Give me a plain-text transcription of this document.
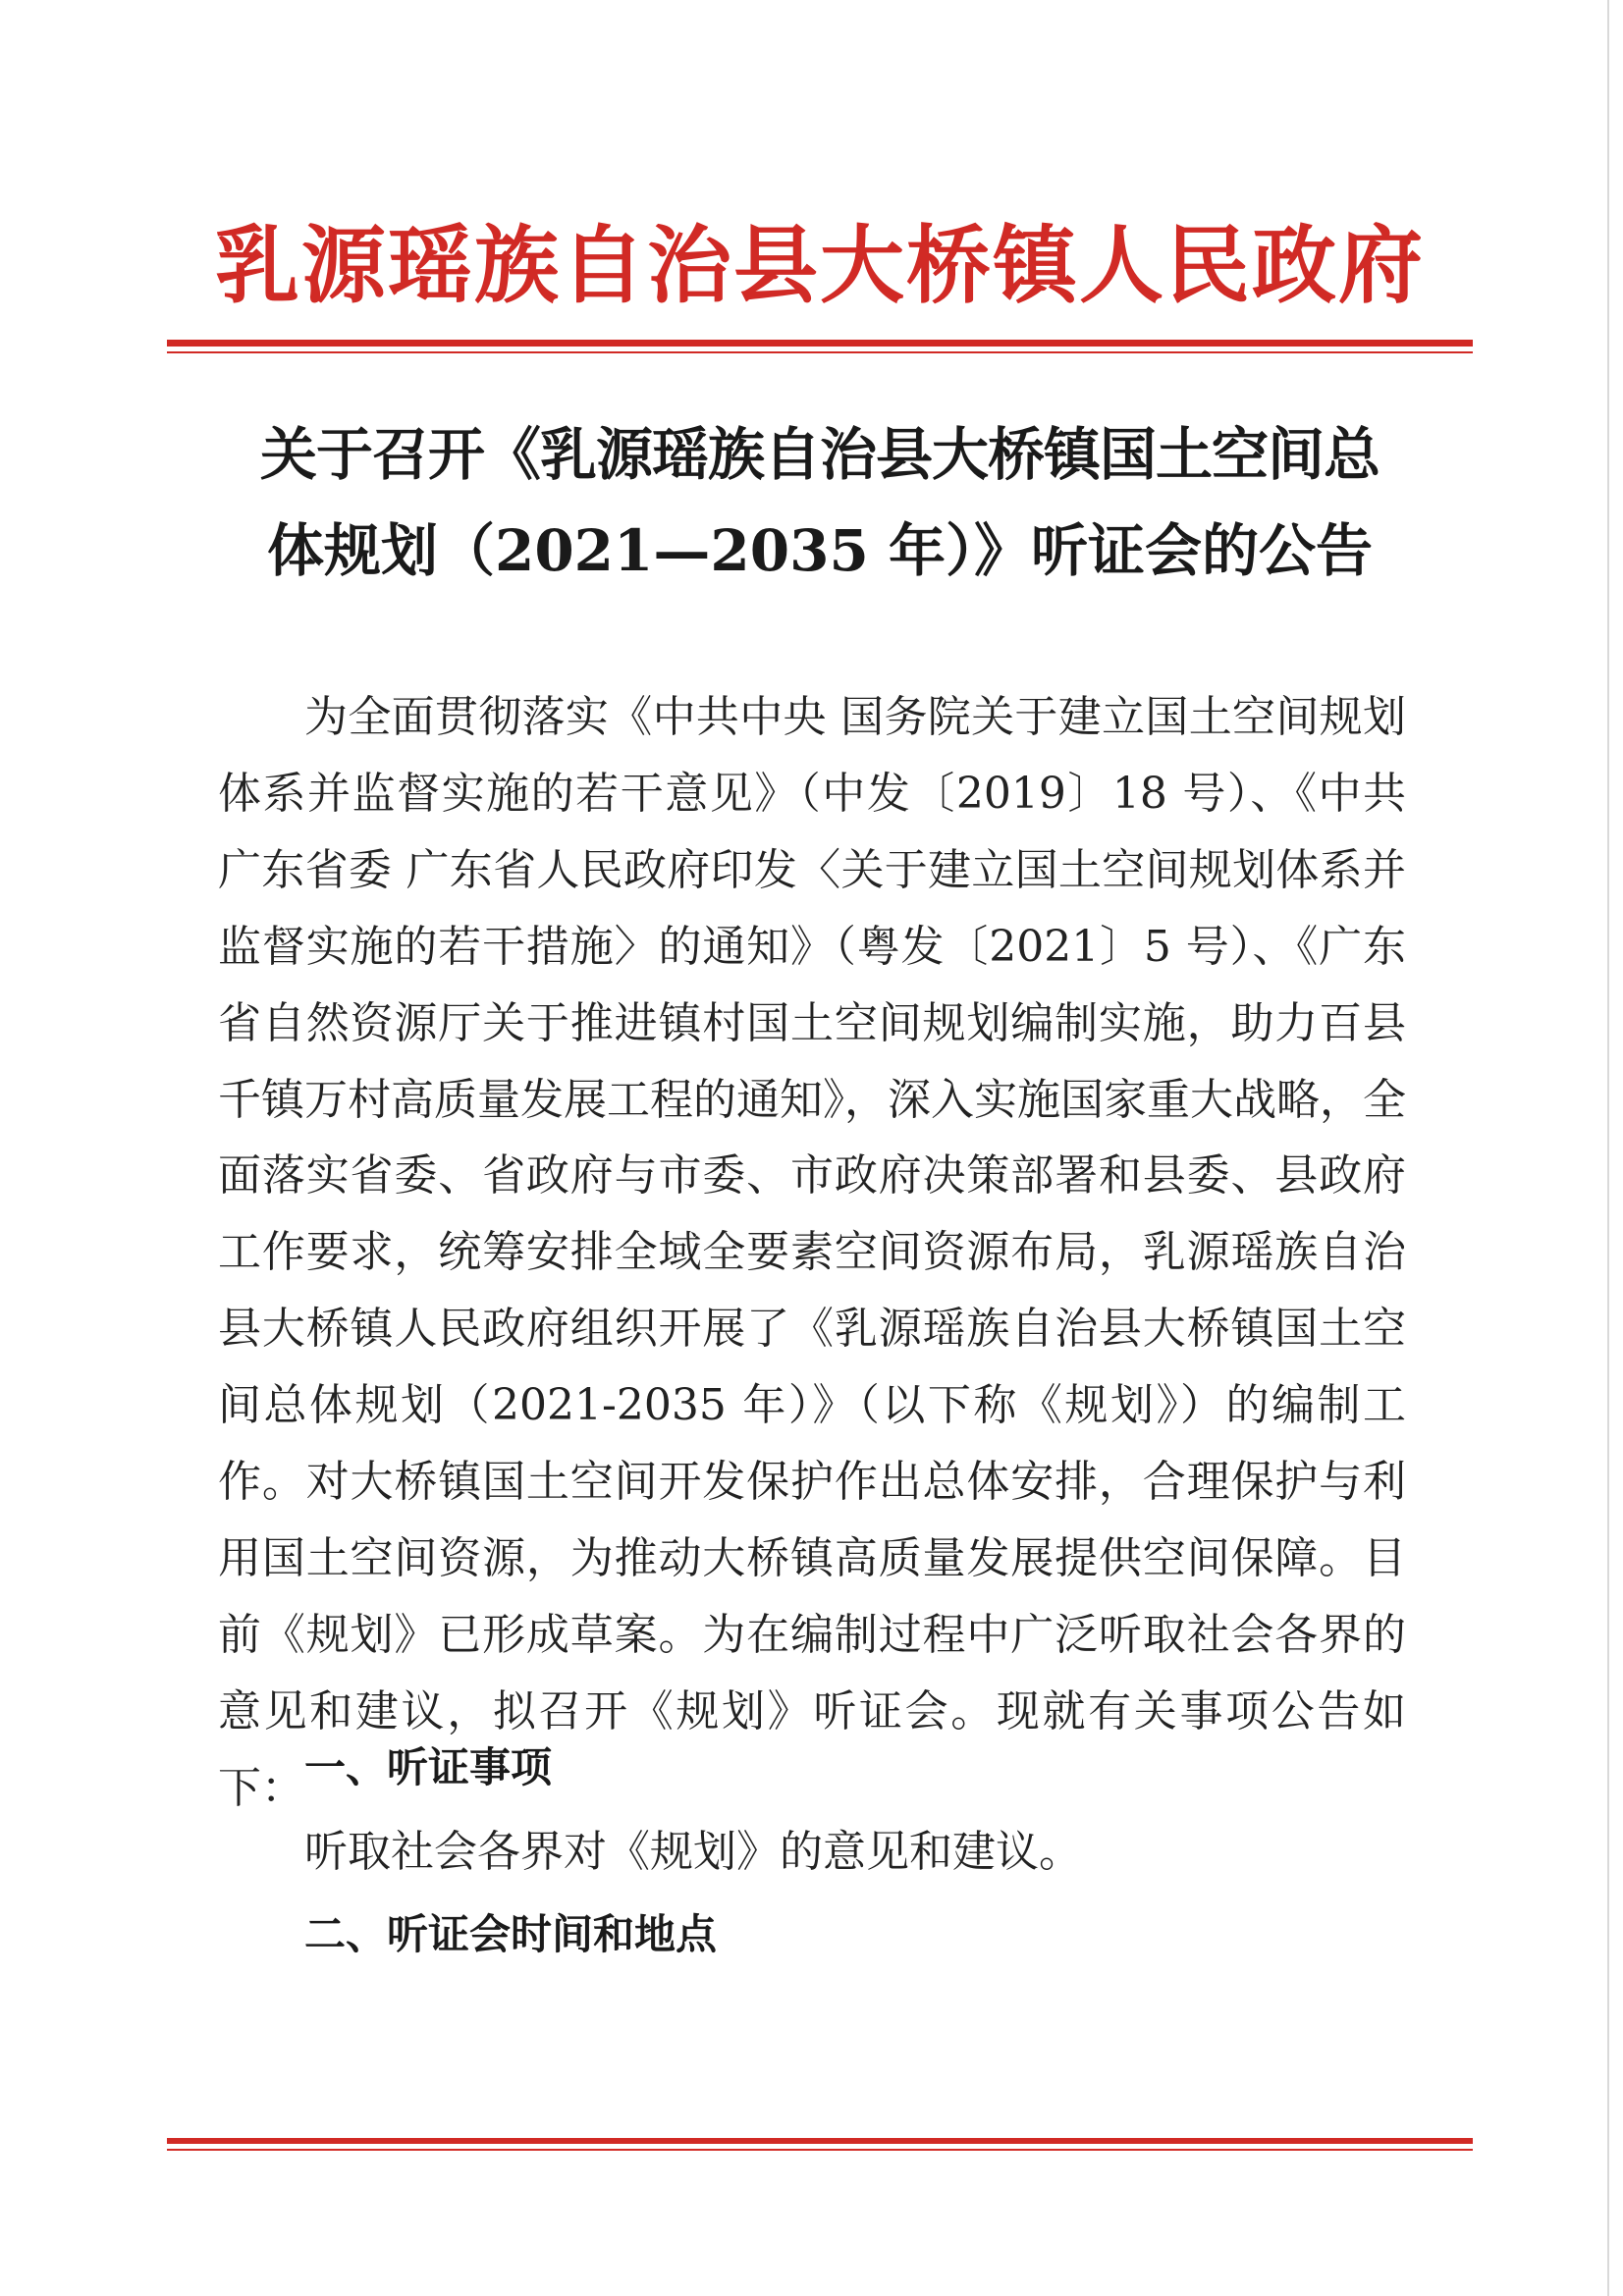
乳源瑶族自治县大桥镇人民政府
关于召开《乳源瑶族自治县大桥镇国土空间总
体规划（2021—2035 年）》听证会的公告

为全面贯彻落实《中共中央 国务院关于建立国土空间规划体系并监督实施的若干意见》（中发〔2019〕18 号）、《中共广东省委 广东省人民政府印发〈关于建立国土空间规划体系并监督实施的若干措施〉的通知》（粤发〔2021〕5 号）、《广东省自然资源厅关于推进镇村国土空间规划编制实施，助力百县千镇万村高质量发展工程的通知》，深入实施国家重大战略，全面落实省委、省政府与市委、市政府决策部署和县委、县政府工作要求，统筹安排全域全要素空间资源布局，乳源瑶族自治县大桥镇人民政府组织开展了《乳源瑶族自治县大桥镇国土空间总体规划（2021-2035 年）》（以下称《规划》）的编制工作。对大桥镇国土空间开发保护作出总体安排，合理保护与利用国土空间资源，为推动大桥镇高质量发展提供空间保障。目前《规划》已形成草案。为在编制过程中广泛听取社会各界的意见和建议，拟召开《规划》听证会。现就有关事项公告如下： 一、听证事项
听取社会各界对《规划》的意见和建议。
二、听证会时间和地点
